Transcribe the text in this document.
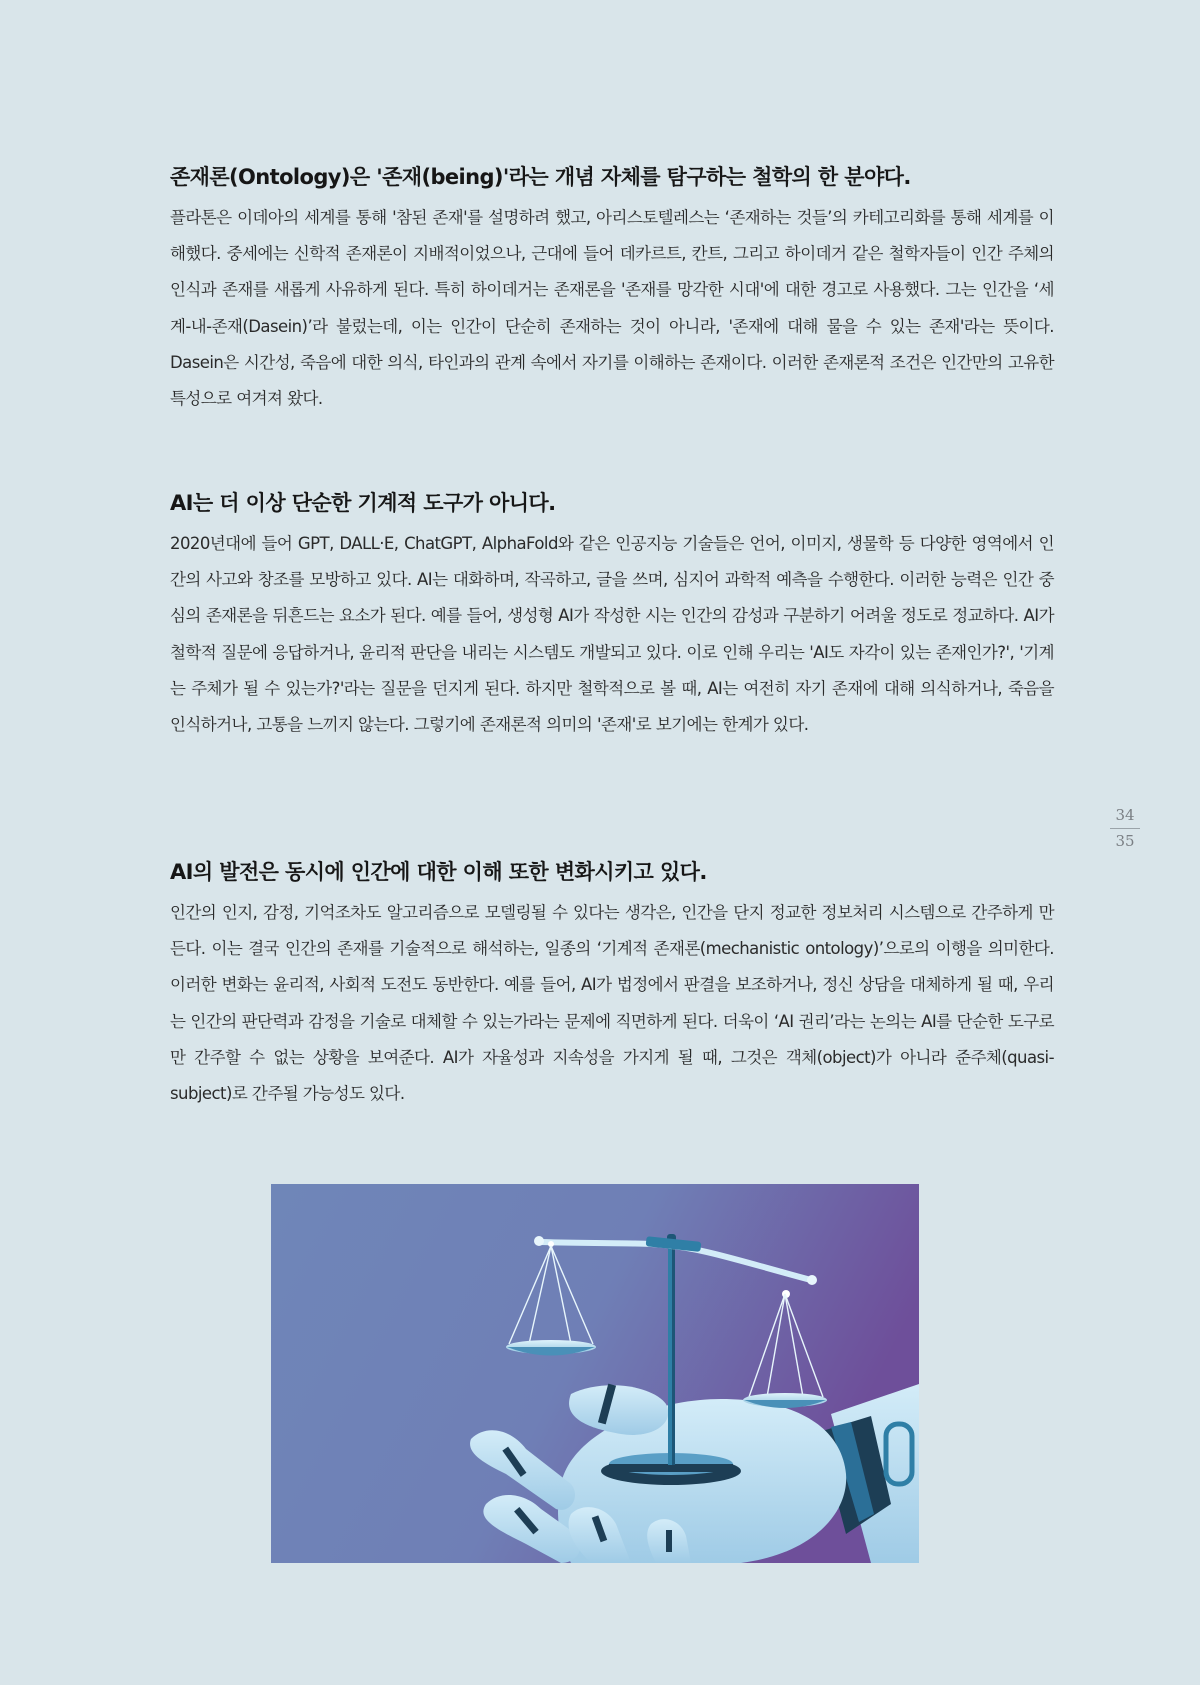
존재론(Ontology)은 '존재(being)'라는 개념 자체를 탐구하는 철학의 한 분야다.

플라톤은 이데아의 세계를 통해 '참된 존재'를 설명하려 했고, 아리스토텔레스는 ‘존재하는 것들’의 카테고리화를 통해 세계를 이해했다. 중세에는 신학적 존재론이 지배적이었으나, 근대에 들어 데카르트, 칸트, 그리고 하이데거 같은 철학자들이 인간 주체의 인식과 존재를 새롭게 사유하게 된다. 특히 하이데거는 존재론을 '존재를 망각한 시대'에 대한 경고로 사용했다. 그는 인간을 ‘세계-내-존재(Dasein)’라 불렀는데, 이는 인간이 단순히 존재하는 것이 아니라, '존재에 대해 물을 수 있는 존재'라는 뜻이다. Dasein은 시간성, 죽음에 대한 의식, 타인과의 관계 속에서 자기를 이해하는 존재이다. 이러한 존재론적 조건은 인간만의 고유한 특성으로 여겨져 왔다.

AI는 더 이상 단순한 기계적 도구가 아니다.

2020년대에 들어 GPT, DALL·E, ChatGPT, AlphaFold와 같은 인공지능 기술들은 언어, 이미지, 생물학 등 다양한 영역에서 인간의 사고와 창조를 모방하고 있다. AI는 대화하며, 작곡하고, 글을 쓰며, 심지어 과학적 예측을 수행한다. 이러한 능력은 인간 중심의 존재론을 뒤흔드는 요소가 된다. 예를 들어, 생성형 AI가 작성한 시는 인간의 감성과 구분하기 어려울 정도로 정교하다. AI가 철학적 질문에 응답하거나, 윤리적 판단을 내리는 시스템도 개발되고 있다. 이로 인해 우리는 'AI도 자각이 있는 존재인가?', '기계는 주체가 될 수 있는가?'라는 질문을 던지게 된다. 하지만 철학적으로 볼 때, AI는 여전히 자기 존재에 대해 의식하거나, 죽음을 인식하거나, 고통을 느끼지 않는다. 그렇기에 존재론적 의미의 '존재'로 보기에는 한계가 있다.

AI의 발전은 동시에 인간에 대한 이해 또한 변화시키고 있다.

인간의 인지, 감정, 기억조차도 알고리즘으로 모델링될 수 있다는 생각은, 인간을 단지 정교한 정보처리 시스템으로 간주하게 만든다. 이는 결국 인간의 존재를 기술적으로 해석하는, 일종의 ‘기계적 존재론(mechanistic ontology)’으로의 이행을 의미한다. 이러한 변화는 윤리적, 사회적 도전도 동반한다. 예를 들어, AI가 법정에서 판결을 보조하거나, 정신 상담을 대체하게 될 때, 우리는 인간의 판단력과 감정을 기술로 대체할 수 있는가라는 문제에 직면하게 된다. 더욱이 ‘AI 권리’라는 논의는 AI를 단순한 도구로만 간주할 수 없는 상황을 보여준다. AI가 자율성과 지속성을 가지게 될 때, 그것은 객체(object)가 아니라 준주체(quasi-subject)로 간주될 가능성도 있다.

34
35
